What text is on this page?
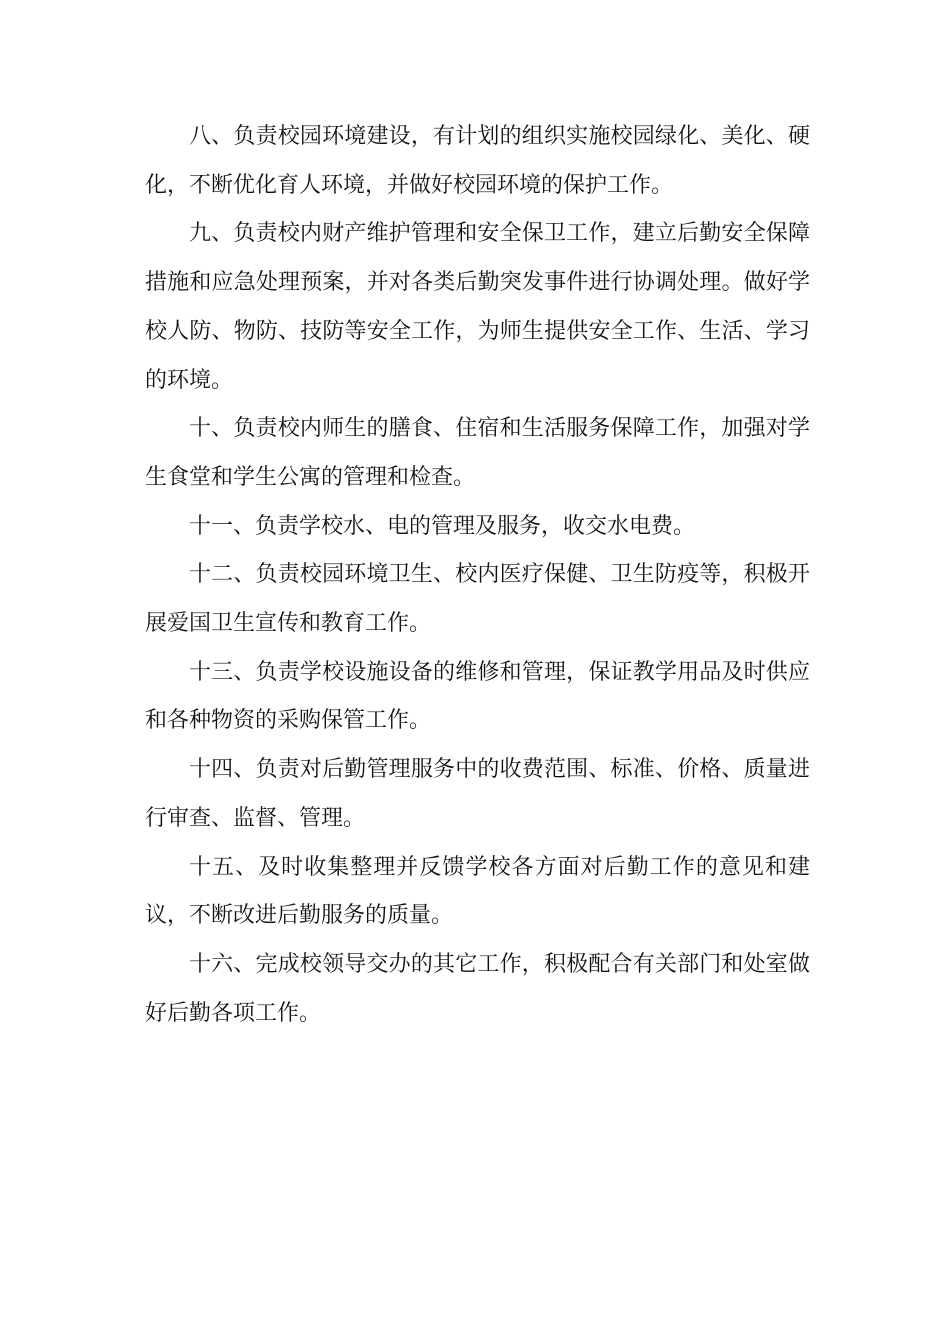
八、负责校园环境建设，有计划的组织实施校园绿化、美化、硬化，不断优化育人环境，并做好校园环境的保护工作。

九、负责校内财产维护管理和安全保卫工作，建立后勤安全保障措施和应急处理预案，并对各类后勤突发事件进行协调处理。做好学校人防、物防、技防等安全工作，为师生提供安全工作、生活、学习的环境。

十、负责校内师生的膳食、住宿和生活服务保障工作，加强对学生食堂和学生公寓的管理和检查。

十一、负责学校水、电的管理及服务，收交水电费。

十二、负责校园环境卫生、校内医疗保健、卫生防疫等，积极开展爱国卫生宣传和教育工作。

十三、负责学校设施设备的维修和管理，保证教学用品及时供应和各种物资的采购保管工作。

十四、负责对后勤管理服务中的收费范围、标准、价格、质量进行审查、监督、管理。

十五、及时收集整理并反馈学校各方面对后勤工作的意见和建议，不断改进后勤服务的质量。

十六、完成校领导交办的其它工作，积极配合有关部门和处室做好后勤各项工作。
